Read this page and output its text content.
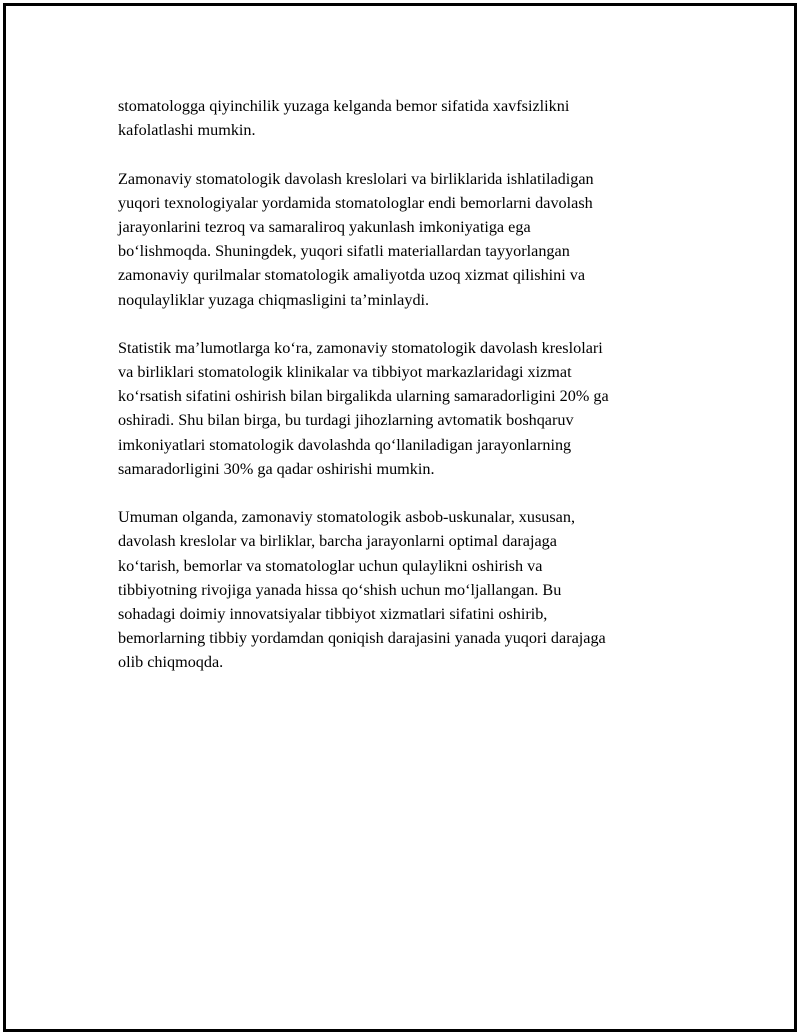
stomatologga qiyinchilik yuzaga kelganda bemor sifatida xavfsizlikni
kafolatlashi mumkin.

Zamonaviy stomatologik davolash kreslolari va birliklarida ishlatiladigan
yuqori texnologiyalar yordamida stomatologlar endi bemorlarni davolash
jarayonlarini tezroq va samaraliroq yakunlash imkoniyatiga ega
bo‘lishmoqda. Shuningdek, yuqori sifatli materiallardan tayyorlangan
zamonaviy qurilmalar stomatologik amaliyotda uzoq xizmat qilishini va
noqulayliklar yuzaga chiqmasligini ta’minlaydi.

Statistik ma’lumotlarga ko‘ra, zamonaviy stomatologik davolash kreslolari
va birliklari stomatologik klinikalar va tibbiyot markazlaridagi xizmat
ko‘rsatish sifatini oshirish bilan birgalikda ularning samaradorligini 20% ga
oshiradi. Shu bilan birga, bu turdagi jihozlarning avtomatik boshqaruv
imkoniyatlari stomatologik davolashda qo‘llaniladigan jarayonlarning
samaradorligini 30% ga qadar oshirishi mumkin.

Umuman olganda, zamonaviy stomatologik asbob-uskunalar, xususan,
davolash kreslolar va birliklar, barcha jarayonlarni optimal darajaga
ko‘tarish, bemorlar va stomatologlar uchun qulaylikni oshirish va
tibbiyotning rivojiga yanada hissa qo‘shish uchun mo‘ljallangan. Bu
sohadagi doimiy innovatsiyalar tibbiyot xizmatlari sifatini oshirib,
bemorlarning tibbiy yordamdan qoniqish darajasini yanada yuqori darajaga
olib chiqmoqda.
